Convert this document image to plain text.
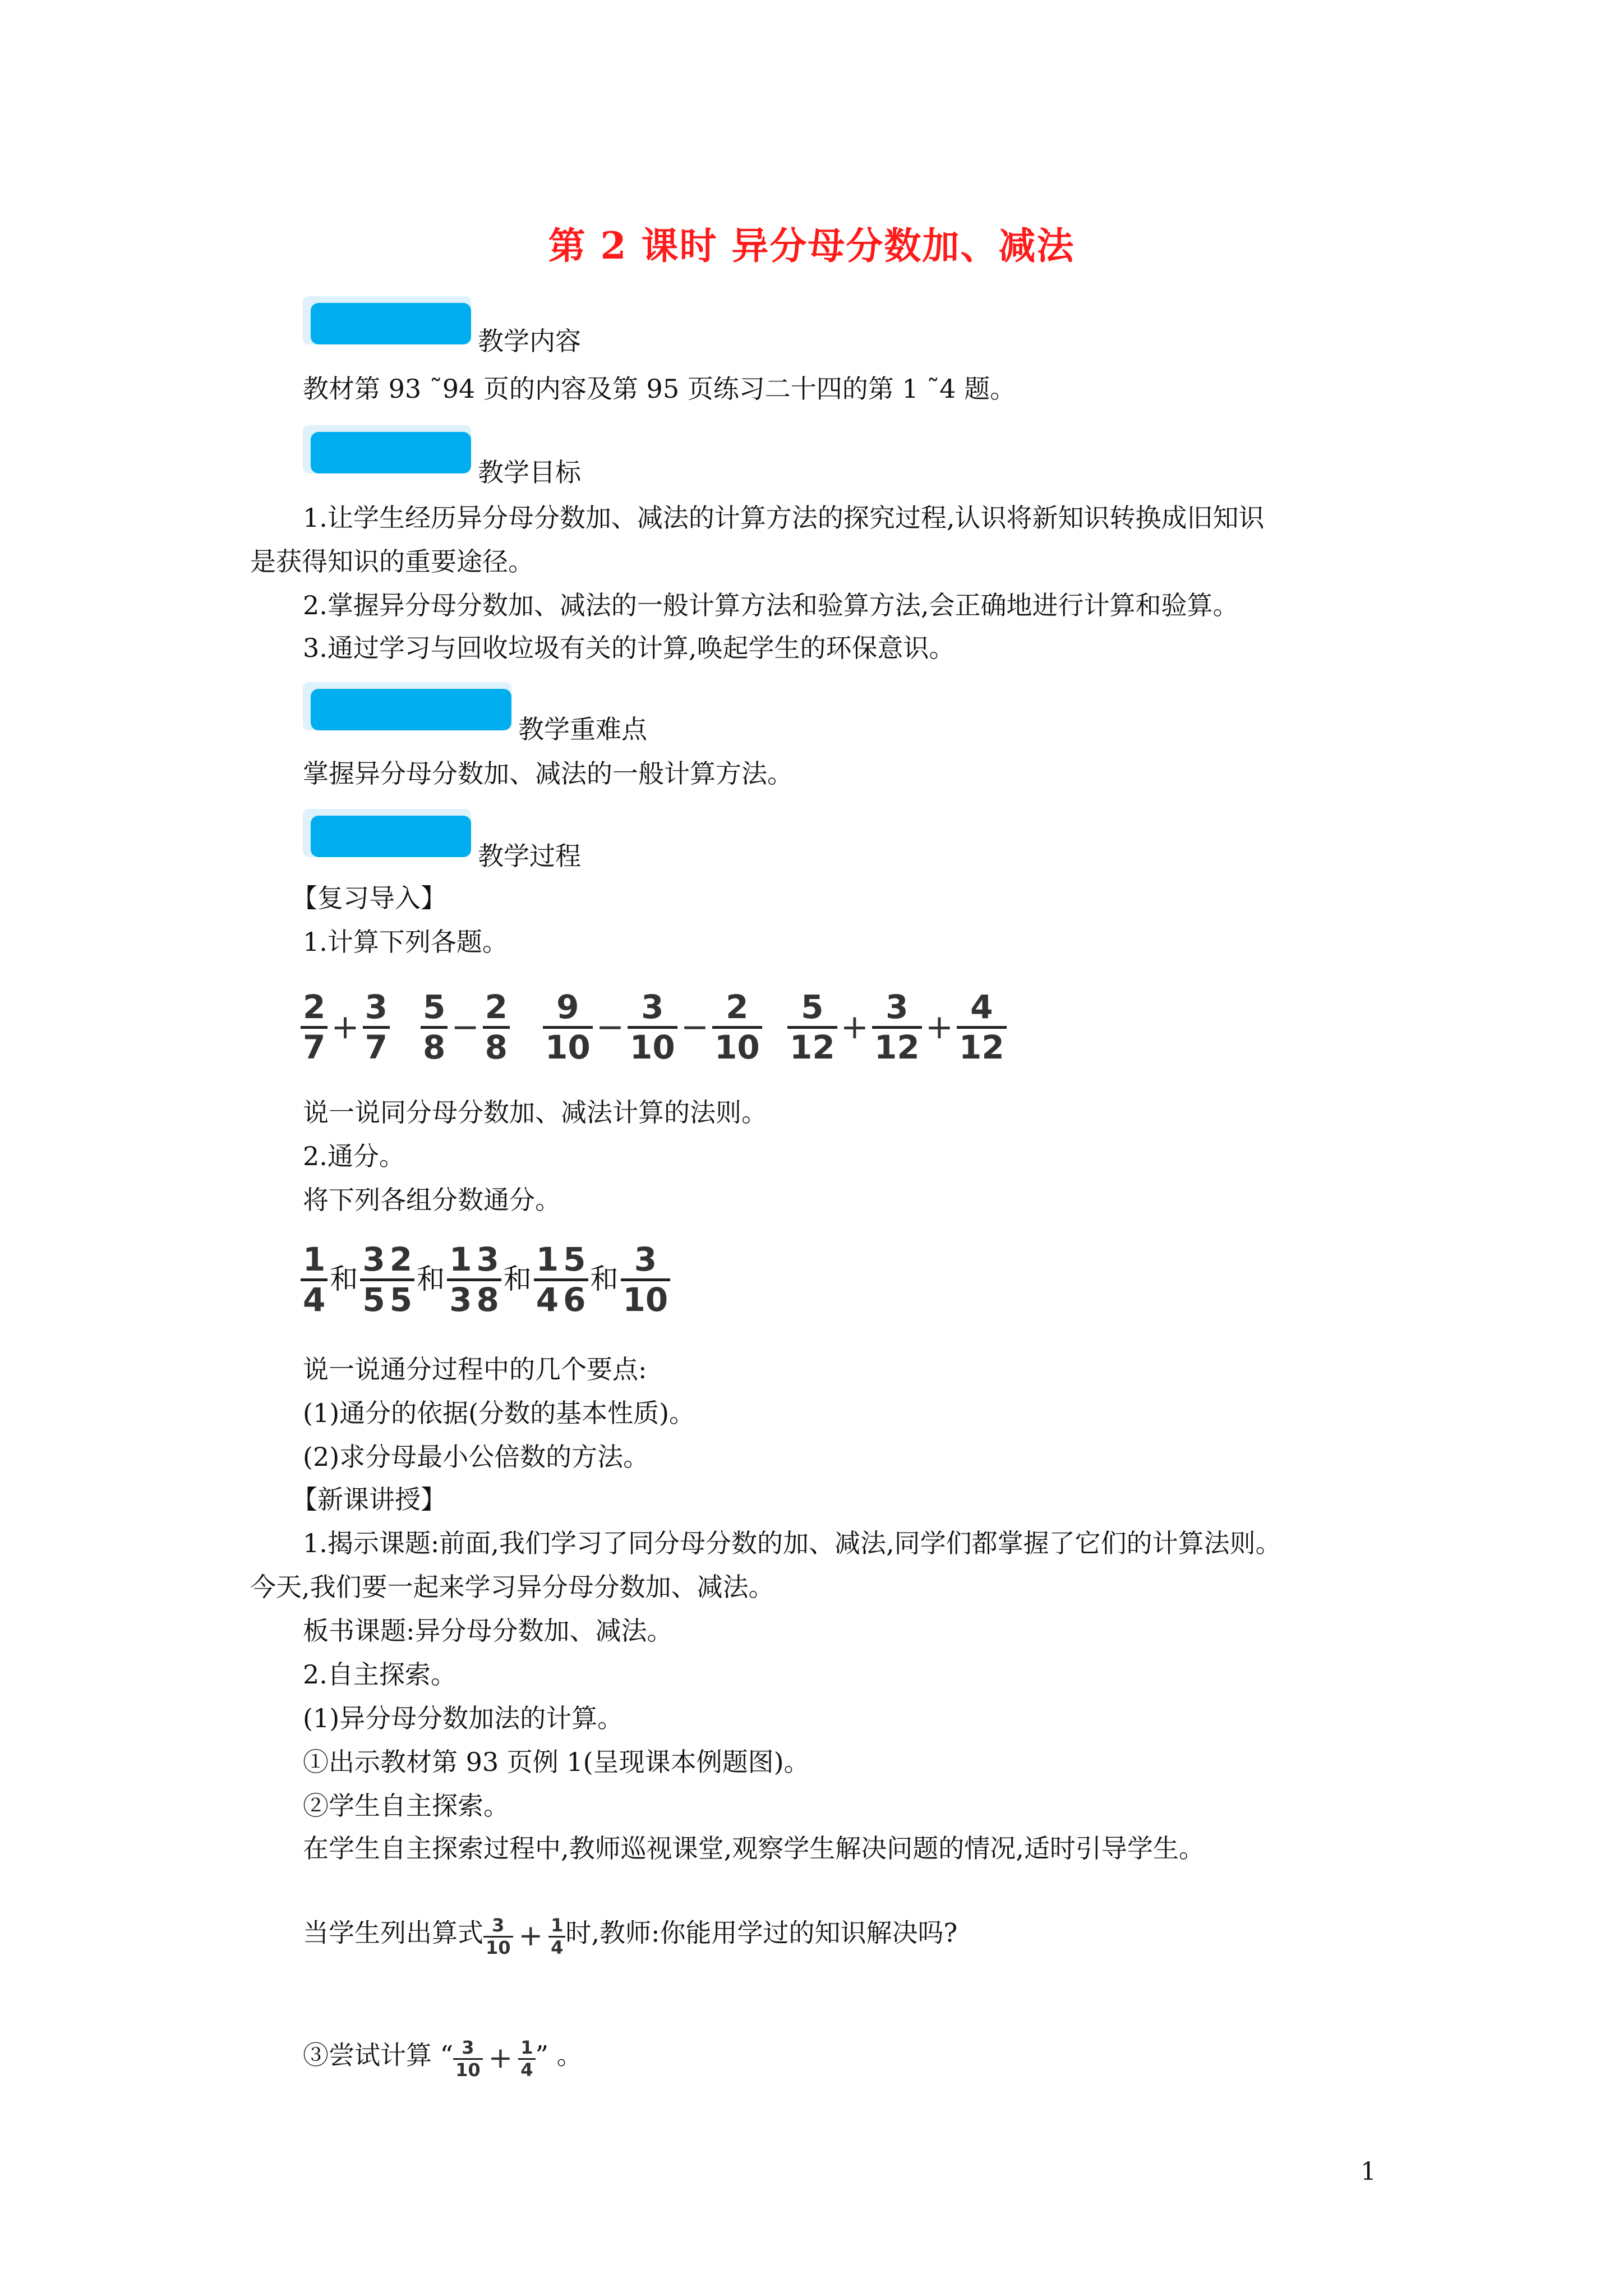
第 2 课时 异分母分数加、减法
教学内容
教材第 93 ˜94 页的内容及第 95 页练习二十四的第 1 ˜4 题。
教学目标
1.让学生经历异分母分数加、减法的计算方法的探究过程,认识将新知识转换成旧知识
是获得知识的重要途径。
2.掌握异分母分数加、减法的一般计算方法和验算方法,会正确地进行计算和验算。
3.通过学习与回收垃圾有关的计算,唤起学生的环保意识。
教学重难点
掌握异分母分数加、减法的一般计算方法。
教学过程
【复习导入】
1.计算下列各题。
$\frac{2}{7} + \frac{3}{7} \frac{5}{8} - \frac{2}{8} \frac{9}{10} - \frac{3}{10} - \frac{2}{10} \frac{5}{12} + \frac{3}{12} + \frac{4}{12}$
说一说同分母分数加、减法计算的法则。
2.通分。
将下列各组分数通分。
$\frac{1}{4}$ 和 $\frac{3}{5} \frac{2}{5}$ 和 $\frac{1}{3} \frac{3}{8}$ 和 $\frac{1}{4} \frac{5}{6}$ 和 $\frac{3}{10}$
说一说通分过程中的几个要点:
(1)通分的依据(分数的基本性质)。
(2)求分母最小公倍数的方法。
【新课讲授】
1.揭示课题:前面,我们学习了同分母分数的加、减法,同学们都掌握了它们的计算法则。
今天,我们要一起来学习异分母分数加、减法。
板书课题:异分母分数加、减法。
2.自主探索。
(1)异分母分数加法的计算。
①出示教材第 93 页例 1(呈现课本例题图)。
②学生自主探索。
在学生自主探索过程中,教师巡视课堂,观察学生解决问题的情况,适时引导学生。
当学生列出算式 $\frac{3}{10} + \frac{1}{4}$ 时,教师:你能用学过的知识解决吗?
③尝试计算 “ $\frac{3}{10} + \frac{1}{4}$ ” 。
1
